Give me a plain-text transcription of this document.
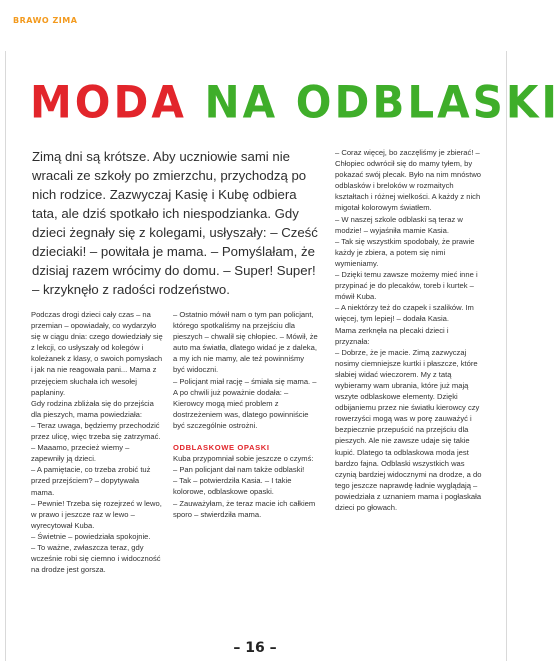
BRAWO ZIMA
MODA NA ODBLASKI

Zimą dni są krótsze. Aby uczniowie sami nie wracali ze szkoły po zmierzchu, przychodzą po nich rodzice. Zazwyczaj Kasię i Kubę odbiera tata, ale dziś spotkało ich niespodzianka. Gdy dzieci żegnały się z kolegami, usłyszały: – Cześć dzieciaki! – powitała je mama. – Pomyślałam, że dzisiaj razem wrócimy do domu. – Super! Super! – krzyknęło z radości rodzeństwo.

Podczas drogi dzieci cały czas – na przemian – opowiadały, co wydarzyło się w ciągu dnia: czego dowiedziały się z lekcji, co usłyszały od kolegów i koleżanek z klasy, o swoich pomysłach i jak na nie reagowała pani... Mama z przejęciem słuchała ich wesołej paplaniny.

Gdy rodzina zbliżała się do przejścia dla pieszych, mama powiedziała:

– Teraz uwaga, będziemy przechodzić przez ulicę, więc trzeba się zatrzymać.

– Maaamo, przecież wiemy – zapewniły ją dzieci.

– A pamiętacie, co trzeba zrobić tuż przed przejściem? – dopytywała mama.

– Pewnie! Trzeba się rozejrzeć w lewo, w prawo i jeszcze raz w lewo – wyrecytował Kuba.

– Świetnie – powiedziała spokojnie.

– To ważne, zwłaszcza teraz, gdy wcześnie robi się ciemno i widoczność na drodze jest gorsza.

– Ostatnio mówił nam o tym pan policjant, którego spotkaliśmy na przejściu dla pieszych – chwalił się chłopiec. – Mówił, że auto ma światła, dlatego widać je z daleka, a my ich nie mamy, ale też powinniśmy być widoczni.

– Policjant miał rację – śmiała się mama. – A po chwili już poważnie dodała: – Kierowcy mogą mieć problem z dostrzeżeniem was, dlatego powinniście być szczególnie ostrożni.

ODBLASKOWE OPASKI

Kuba przypomniał sobie jeszcze o czymś:

– Pan policjant dał nam także odblaski!

– Tak – potwierdziła Kasia. – I takie kolorowe, odblaskowe opaski.

– Zauważyłam, że teraz macie ich całkiem sporo – stwierdziła mama.

– Coraz więcej, bo zaczęliśmy je zbierać! – Chłopiec odwrócił się do mamy tyłem, by pokazać swój plecak. Było na nim mnóstwo odblasków i breloków w rozmaitych kształtach i różnej wielkości. A każdy z nich migotał kolorowym światłem.

– W naszej szkole odblaski są teraz w modzie! – wyjaśniła mamie Kasia.

– Tak się wszystkim spodobały, że prawie każdy je zbiera, a potem się nimi wymieniamy.

– Dzięki temu zawsze możemy mieć inne i przypinać je do plecaków, toreb i kurtek – mówił Kuba.

– A niektórzy też do czapek i szalików. Im więcej, tym lepiej! – dodała Kasia.

Mama zerknęła na plecaki dzieci i przyznała:

– Dobrze, że je macie. Zimą zazwyczaj nosimy ciemniejsze kurtki i płaszcze, które słabiej widać wieczorem. My z tatą wybieramy wam ubrania, które już mają wszyte odblaskowe elementy. Dzięki odbijaniemu przez nie światłu kierowcy czy rowerzyści mogą was w porę zauważyć i bezpiecznie przepuścić na przejściu dla pieszych. Ale nie zawsze udaje się takie kupić. Dlatego ta odblaskowa moda jest bardzo fajna. Odblaski wszystkich was czynią bardziej widocznymi na drodze, a do tego jeszcze naprawdę ładnie wyglądają – powiedziała z uznaniem mama i pogłaskała dzieci po głowach.

– 16 –
